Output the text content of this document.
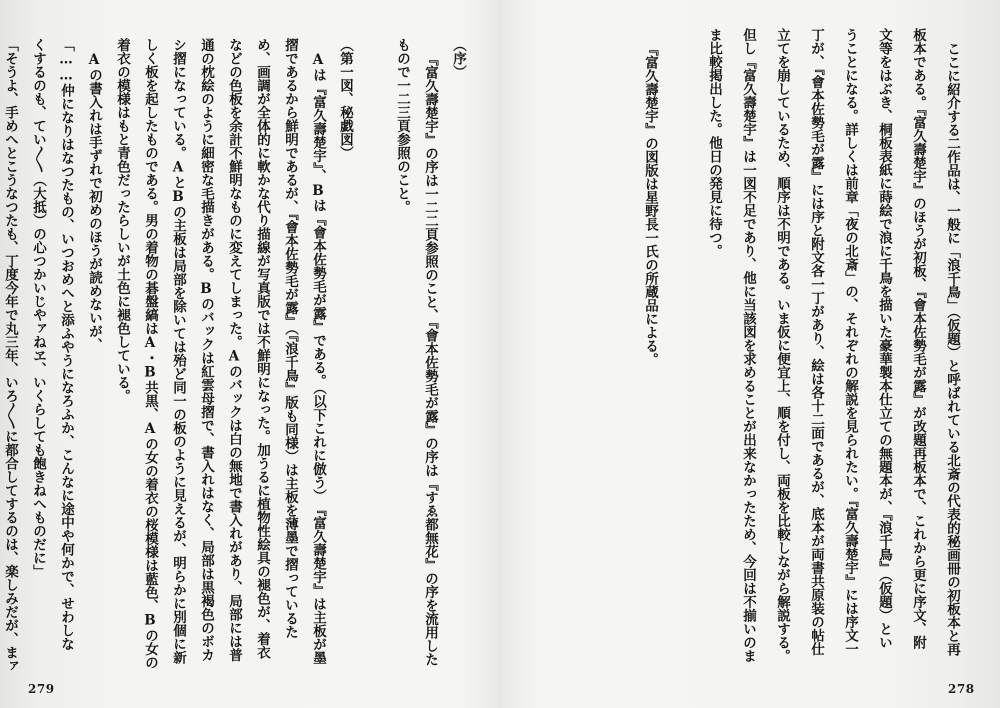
（序）
『富久壽楚宇』の序は一二二頁参照のこと、『會本佐勢毛が露』の序は『すゑ都無花』の序を流用した
もので一二三頁参照のこと。
（第一図、秘戯図）
Aは『富久壽楚宇』、Bは『會本佐勢毛が露』である。（以下これに倣う）　『富久壽楚宇』は主板が墨
摺であるから鮮明であるが、『會本佐勢毛が露』（『浪千鳥』版も同様）は主板を薄墨で摺っているた
め、画調が全体的に軟かな代り描線が写真版では不鮮明になった。加うるに植物性絵具の褪色が、着衣
などの色板を余計不鮮明なものに変えてしまった。Aのバックは白の無地で書入れがあり、局部には普
通の枕絵のように細密な毛描きがある。Bのバックは紅雲母摺で、書入れはなく、局部は黒褐色のボカ
シ摺になっている。AとBの主板は局部を除いては殆ど同一の板のように見えるが、明らかに別個に新
しく板を起したものである。男の着物の碁盤縞はA・B共黒、Aの女の着衣の桜模様は藍色、Bの女の
着衣の模様はもと青色だったらしいが土色に褪色している。
Aの書入れは手ずれで初めのほうが読めないが、
「……仲になりはなつたもの、いつおめへと添ふやうになろふか、こんなに途中や何かで、せわしな
くするのも、てい〳〵（大抵）の心つかいじやァねヱ、いくらしても飽きねへものだに」
「そうよ、手めへとこうなつたも、丁度今年で丸三年、いろ〳〵に都合してするのは、楽しみだが、まァ
279
ここに紹介する二作品は、一般に「浪千鳥」（仮題）と呼ばれている北斎の代表的秘画冊の初板本と再
板本である。『富久壽楚宇』のほうが初板、『會本佐勢毛が露』が改題再板本で、これから更に序文、附
文等をはぶき、桐板表紙に蒔絵で浪に千鳥を描いた豪華製本仕立ての無題本が、『浪千鳥』（仮題）とい
うことになる。詳しくは前章「夜の北斎」の、それぞれの解説を見られたい。『富久壽楚宇』には序文一
丁が、『會本佐勢毛が露』には序と附文各一丁があり、絵は各十二面であるが、底本が両書共原装の帖仕
立てを崩しているため、順序は不明である。いま仮に便宜上、順を付し、両板を比較しながら解説する。
但し『富久壽楚宇』は一図不足であり、他に当該図を求めることが出来なかったため、今回は不揃いのま
ま比較掲出した。他日の発見に待つ。
『富久壽楚宇』の図版は星野長一氏の所蔵品による。
278
